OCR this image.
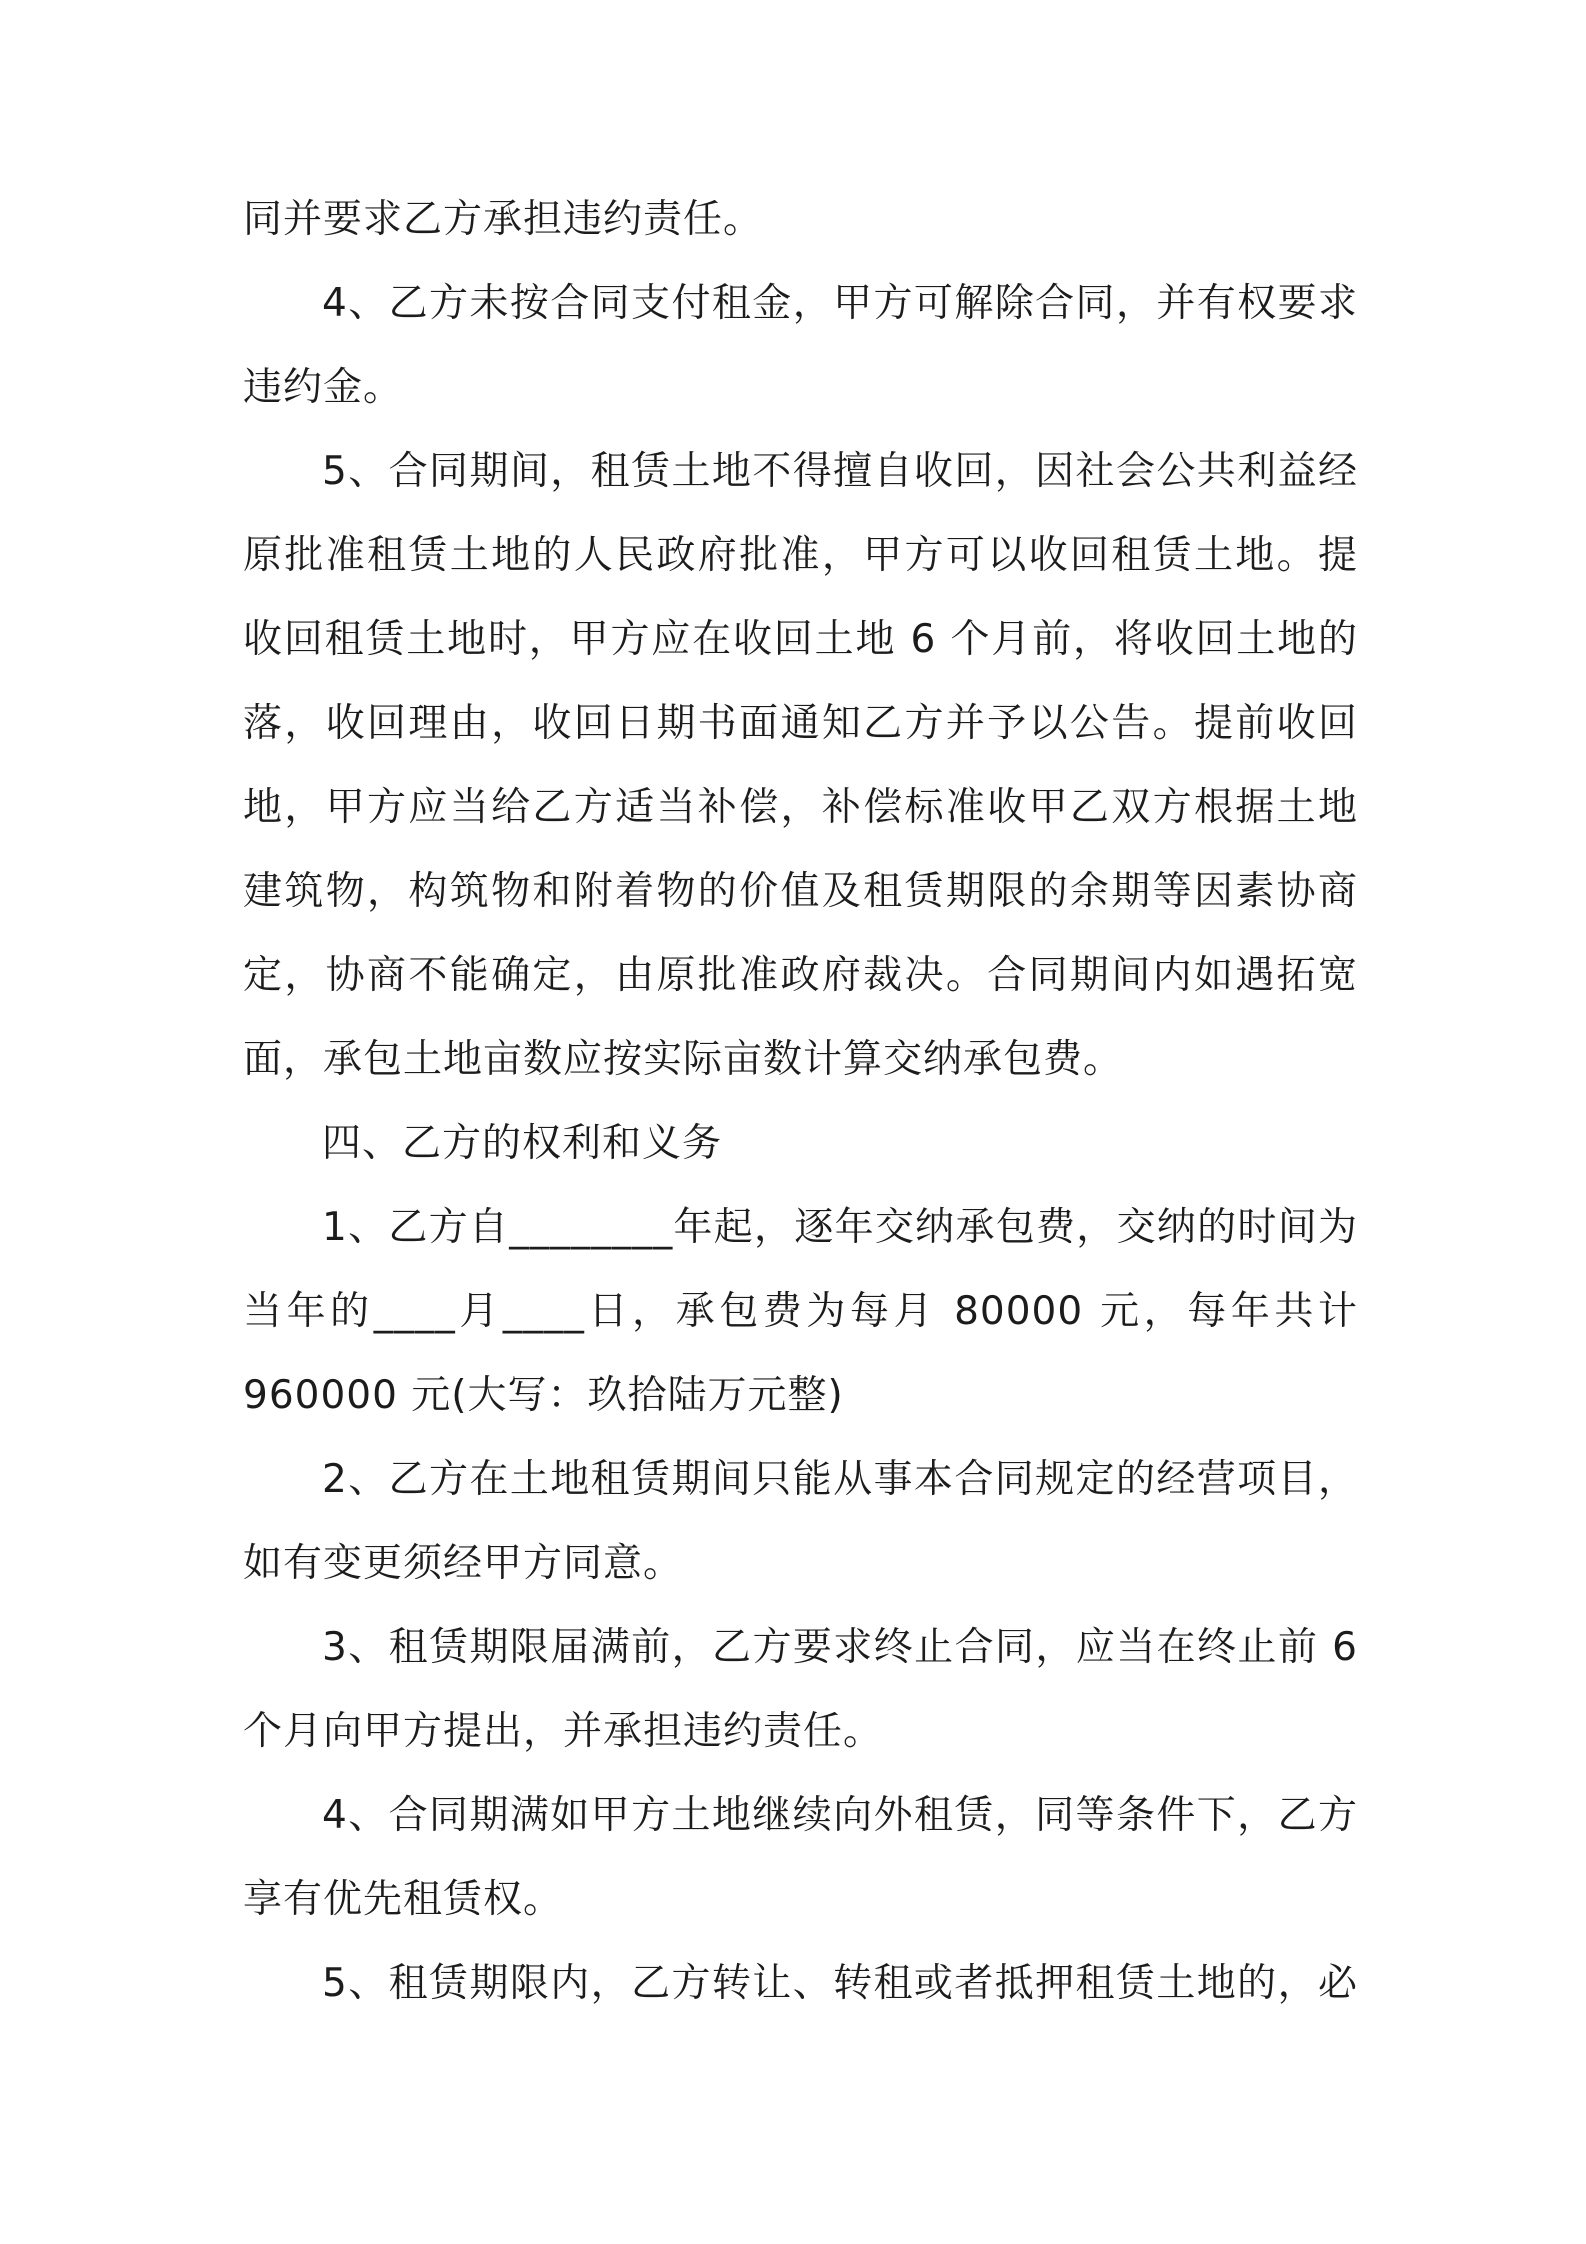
同并要求乙方承担违约责任。
4、乙方未按合同支付租金，甲方可解除合同，并有权要求
违约金。
5、合同期间，租赁土地不得擅自收回，因社会公共利益经
原批准租赁土地的人民政府批准，甲方可以收回租赁土地。提
收回租赁土地时，甲方应在收回土地 6 个月前，将收回土地的
落，收回理由，收回日期书面通知乙方并予以公告。提前收回
地，甲方应当给乙方适当补偿，补偿标准收甲乙双方根据土地
建筑物，构筑物和附着物的价值及租赁期限的余期等因素协商
定，协商不能确定，由原批准政府裁决。合同期间内如遇拓宽
面，承包土地亩数应按实际亩数计算交纳承包费。
四、乙方的权利和义务
1、乙方自________年起，逐年交纳承包费，交纳的时间为
当年的____月____日，承包费为每月 80000 元，每年共计
960000 元(大写：玖拾陆万元整)
2、乙方在土地租赁期间只能从事本合同规定的经营项目，
如有变更须经甲方同意。
3、租赁期限届满前，乙方要求终止合同，应当在终止前 6
个月向甲方提出，并承担违约责任。
4、合同期满如甲方土地继续向外租赁，同等条件下，乙方
享有优先租赁权。
5、租赁期限内，乙方转让、转租或者抵押租赁土地的，必
